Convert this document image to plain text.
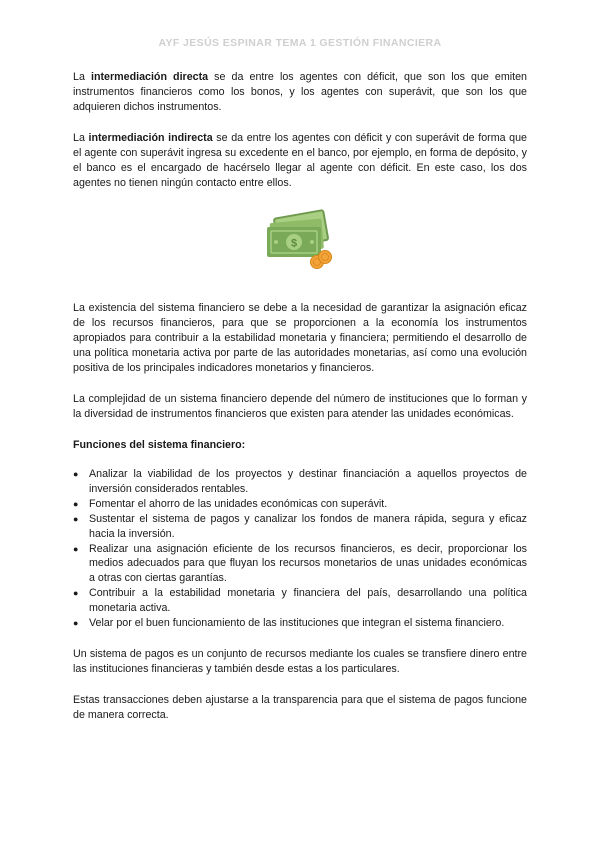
AYF JESÚS ESPINAR TEMA 1 GESTIÓN FINANCIERA

La intermediación directa se da entre los agentes con déficit, que son los que emiten instrumentos financieros como los bonos, y los agentes con superávit, que son los que adquieren dichos instrumentos.

La intermediación indirecta se da entre los agentes con déficit y con superávit de forma que el agente con superávit ingresa su excedente en el banco, por ejemplo, en forma de depósito, y el banco es el encargado de hacérselo llegar al agente con déficit. En este caso, los dos agentes no tienen ningún contacto entre ellos.

$

La existencia del sistema financiero se debe a la necesidad de garantizar la asignación eficaz de los recursos financieros, para que se proporcionen a la economía los instrumentos apropiados para contribuir a la estabilidad monetaria y financiera; permitiendo el desarrollo de una política monetaria activa por parte de las autoridades monetarias, así como una evolución positiva de los principales indicadores monetarios y financieros.

La complejidad de un sistema financiero depende del número de instituciones que lo forman y la diversidad de instrumentos financieros que existen para atender las unidades económicas.

Funciones del sistema financiero:
● Analizar la viabilidad de los proyectos y destinar financiación a aquellos proyectos de inversión considerados rentables.
● Fomentar el ahorro de las unidades económicas con superávit.
● Sustentar el sistema de pagos y canalizar los fondos de manera rápida, segura y eficaz hacia la inversión.
● Realizar una asignación eficiente de los recursos financieros, es decir, proporcionar los medios adecuados para que fluyan los recursos monetarios de unas unidades económicas a otras con ciertas garantías.
● Contribuir a la estabilidad monetaria y financiera del país, desarrollando una política monetaria activa.
● Velar por el buen funcionamiento de las instituciones que integran el sistema financiero.

Un sistema de pagos es un conjunto de recursos mediante los cuales se transfiere dinero entre las instituciones financieras y también desde estas a los particulares.

Estas transacciones deben ajustarse a la transparencia para que el sistema de pagos funcione de manera correcta.
